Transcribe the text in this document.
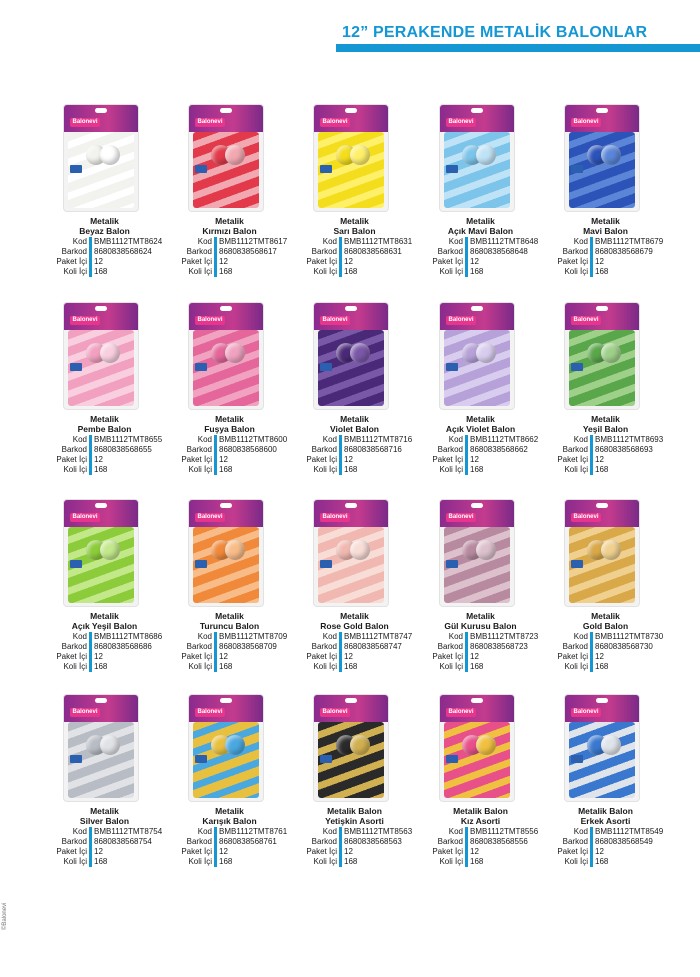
12” PERAKENDE METALİK BALONLAR
Balonevi
Metalik
Beyaz Balon
Kod BMB1112TMT8624
Barkod 8680838568624
Paket İçi 12
Koli İçi 168
Balonevi
Metalik
Kırmızı Balon
Kod BMB1112TMT8617
Barkod 8680838568617
Paket İçi 12
Koli İçi 168
Balonevi
Metalik
Sarı Balon
Kod BMB1112TMT8631
Barkod 8680838568631
Paket İçi 12
Koli İçi 168
Balonevi
Metalik
Açık Mavi Balon
Kod BMB1112TMT8648
Barkod 8680838568648
Paket İçi 12
Koli İçi 168
Balonevi
Metalik
Mavi Balon
Kod BMB1112TMT8679
Barkod 8680838568679
Paket İçi 12
Koli İçi 168
Balonevi
Metalik
Pembe Balon
Kod BMB1112TMT8655
Barkod 8680838568655
Paket İçi 12
Koli İçi 168
Balonevi
Metalik
Fuşya Balon
Kod BMB1112TMT8600
Barkod 8680838568600
Paket İçi 12
Koli İçi 168
Balonevi
Metalik
Violet Balon
Kod BMB1112TMT8716
Barkod 8680838568716
Paket İçi 12
Koli İçi 168
Balonevi
Metalik
Açık Violet Balon
Kod BMB1112TMT8662
Barkod 8680838568662
Paket İçi 12
Koli İçi 168
Balonevi
Metalik
Yeşil Balon
Kod BMB1112TMT8693
Barkod 8680838568693
Paket İçi 12
Koli İçi 168
Balonevi
Metalik
Açık Yeşil Balon
Kod BMB1112TMT8686
Barkod 8680838568686
Paket İçi 12
Koli İçi 168
Balonevi
Metalik
Turuncu Balon
Kod BMB1112TMT8709
Barkod 8680838568709
Paket İçi 12
Koli İçi 168
Balonevi
Metalik
Rose Gold Balon
Kod BMB1112TMT8747
Barkod 8680838568747
Paket İçi 12
Koli İçi 168
Balonevi
Metalik
Gül Kurusu Balon
Kod BMB1112TMT8723
Barkod 8680838568723
Paket İçi 12
Koli İçi 168
Balonevi
Metalik
Gold Balon
Kod BMB1112TMT8730
Barkod 8680838568730
Paket İçi 12
Koli İçi 168
Balonevi
Metalik
Silver Balon
Kod BMB1112TMT8754
Barkod 8680838568754
Paket İçi 12
Koli İçi 168
Balonevi
Metalik
Karışık Balon
Kod BMB1112TMT8761
Barkod 8680838568761
Paket İçi 12
Koli İçi 168
Balonevi
Metalik Balon
Yetişkin Asorti
Kod BMB1112TMT8563
Barkod 8680838568563
Paket İçi 12
Koli İçi 168
Balonevi
Metalik Balon
Kız Asorti
Kod BMB1112TMT8556
Barkod 8680838568556
Paket İçi 12
Koli İçi 168
Balonevi
Metalik Balon
Erkek Asorti
Kod BMB1112TMT8549
Barkod 8680838568549
Paket İçi 12
Koli İçi 168
©Balonevi
